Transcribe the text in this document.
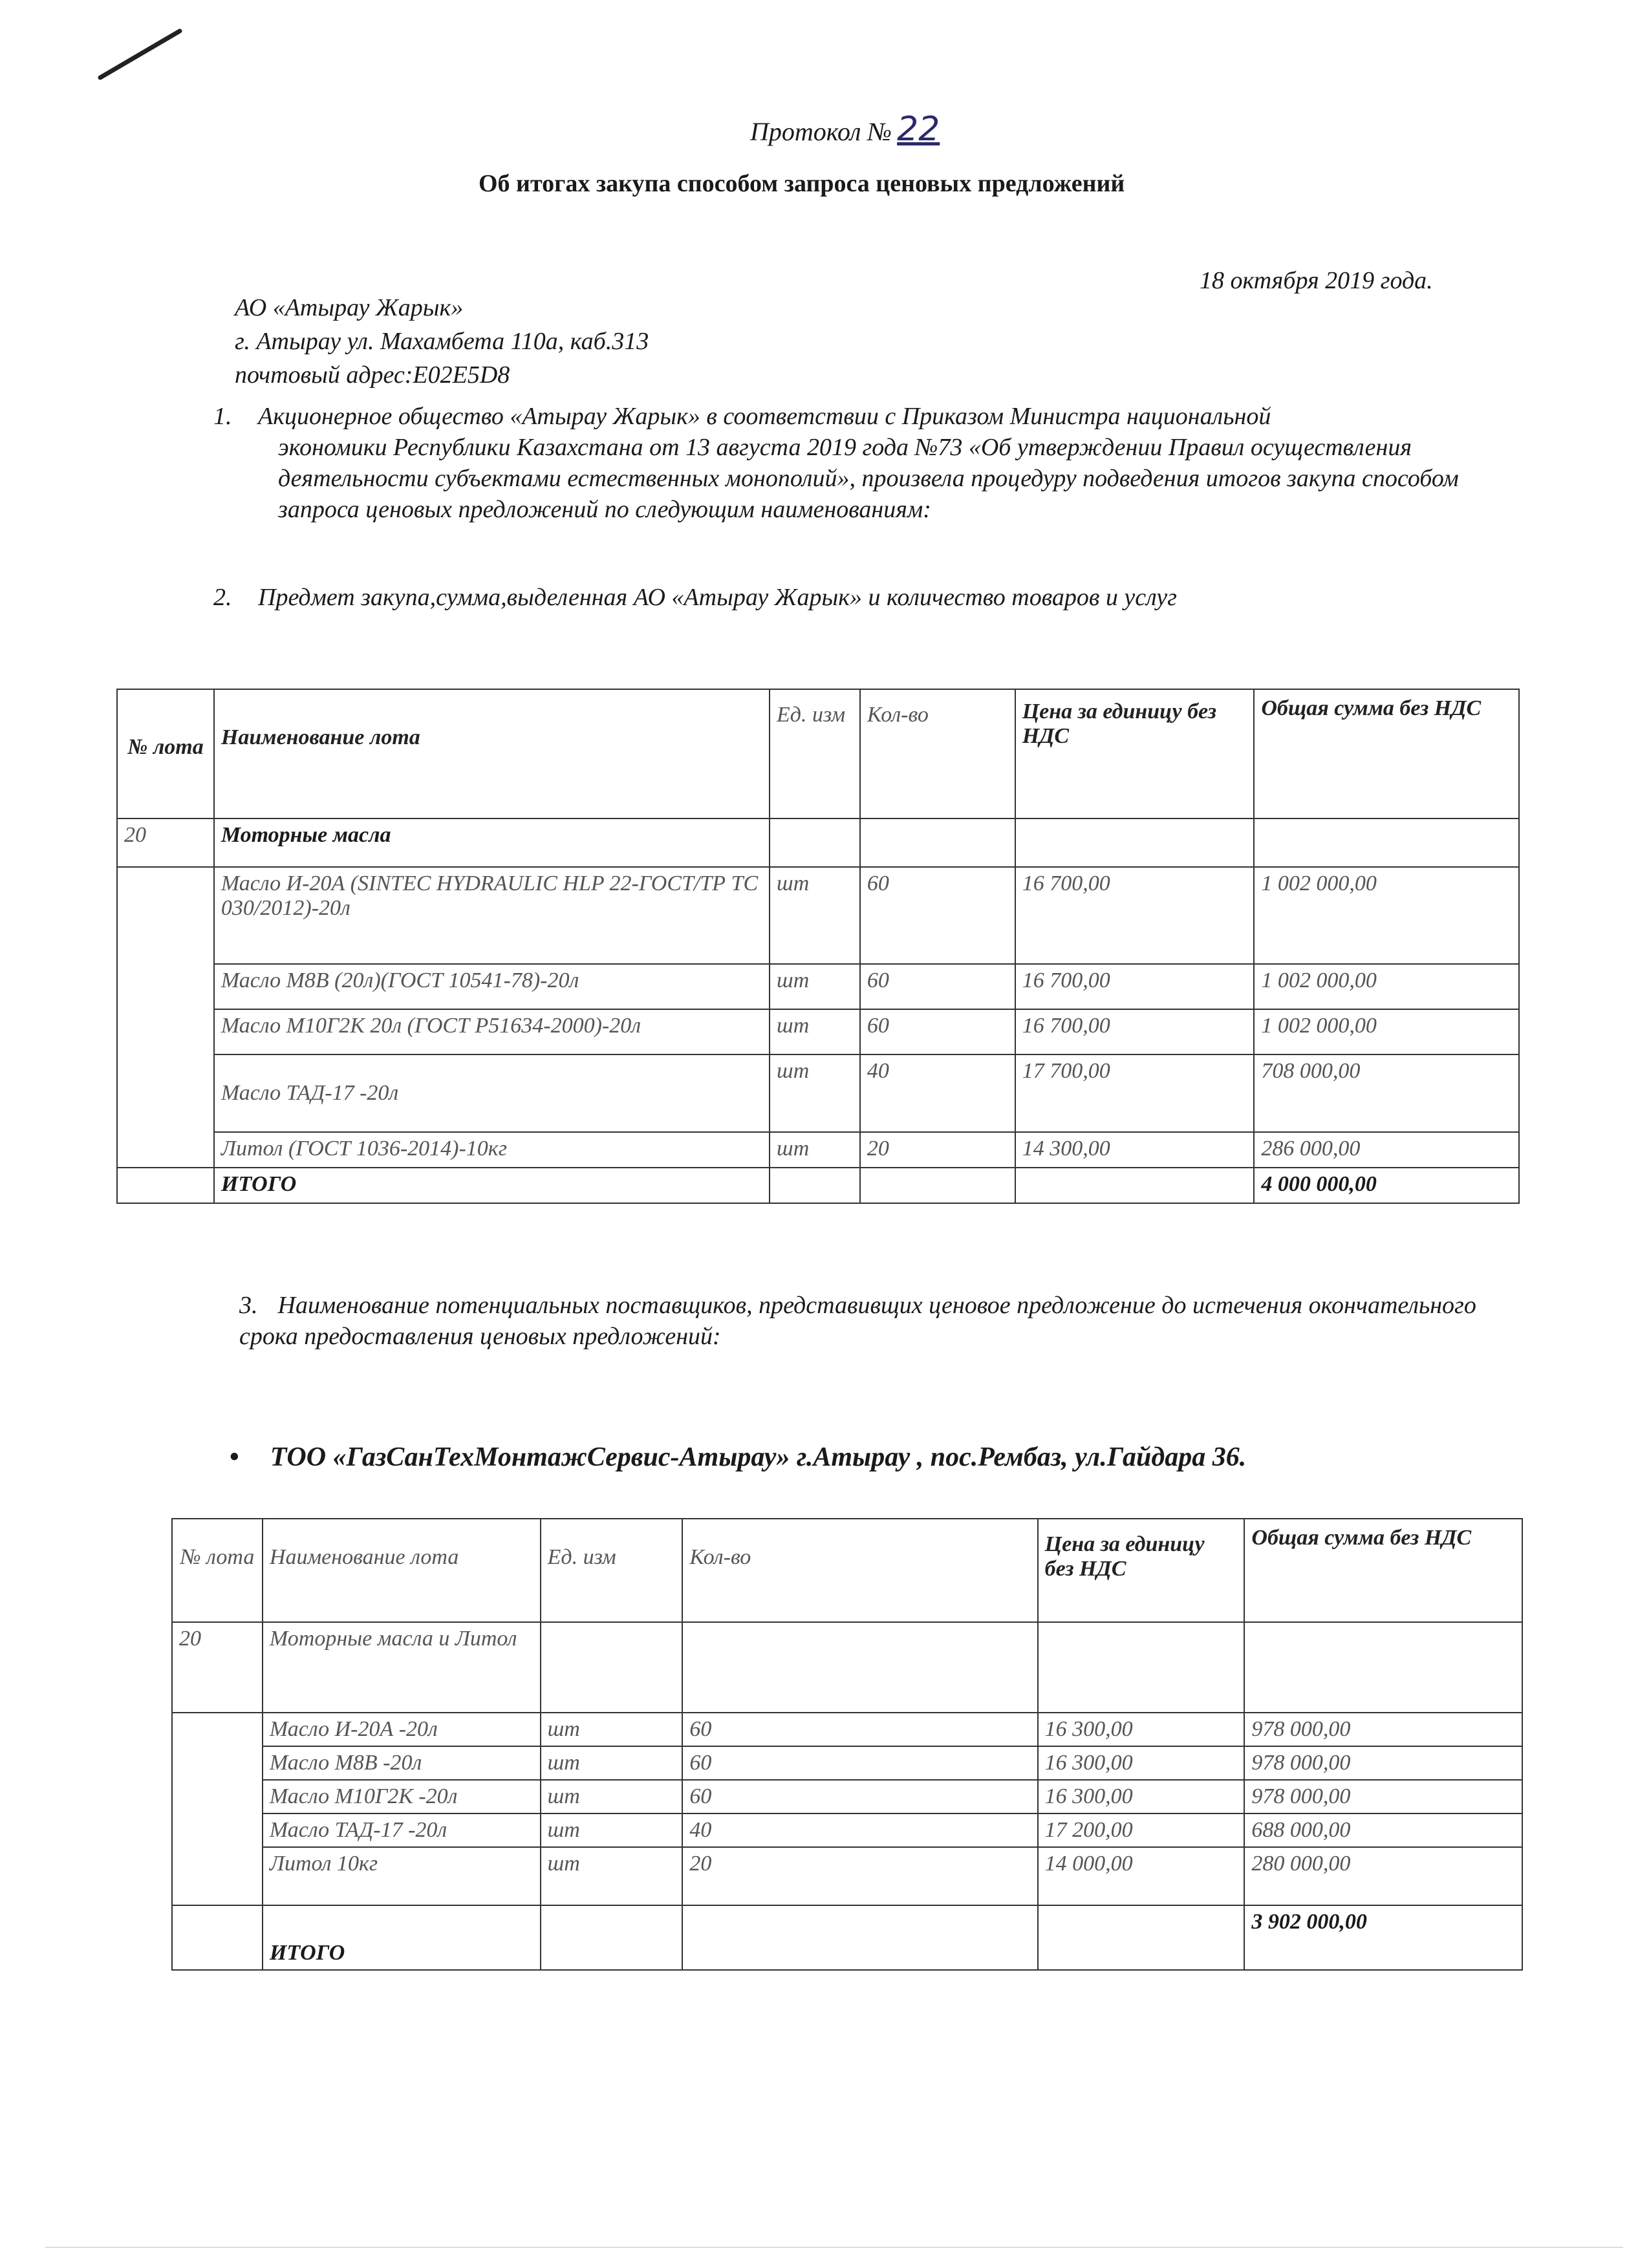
Протокол № 22
Об итогах закупа способом запроса ценовых предложений
18 октября 2019 года.
АО «Атырау Жарык»
г. Атырау ул. Махамбета 110а, каб.313
почтовый адрес:E02E5D8
1. Акционерное общество «Атырау Жарык» в соответствии с Приказом Министра национальной
экономики Республики Казахстана от 13 августа 2019 года №73 «Об утверждении Правил осуществления деятельности субъектами естественных монополий», произвела процедуру подведения итогов закупа способом запроса ценовых предложений по следующим наименованиям:
2. Предмет закупа,сумма,выделенная АО «Атырау Жарык» и количество товаров и услуг
№ лота	Наименование лота	Ед. изм	Кол-во	Цена за единицу без НДС	Общая сумма без НДС
20	Моторные масла				
	Масло И-20А (SINTEC HYDRAULIC HLP 22-ГОСТ/ТР ТС 030/2012)-20л	шт	60	16 700,00	1 002 000,00
	Масло М8В (20л)(ГОСТ 10541-78)-20л	шт	60	16 700,00	1 002 000,00
	Масло М10Г2К 20л (ГОСТ Р51634-2000)-20л	шт	60	16 700,00	1 002 000,00
	Масло ТАД-17 -20л	шт	40	17 700,00	708 000,00
	Литол (ГОСТ 1036-2014)-10кг	шт	20	14 300,00	286 000,00
	ИТОГО				4 000 000,00
3. Наименование потенциальных поставщиков, представивщих ценовое предложение до истечения окончательного срока предоставления ценовых предложений:
• ТОО «ГазСанТехМонтажСервис-Атырау» г.Атырау , пос.Рембаз, ул.Гайдара 36.
№ лота	Наименование лота	Ед. изм	Кол-во	Цена за единицу без НДС	Общая сумма без НДС
20	Моторные масла и Литол				
	Масло И-20А -20л	шт	60	16 300,00	978 000,00
	Масло М8В -20л	шт	60	16 300,00	978 000,00
	Масло М10Г2К -20л	шт	60	16 300,00	978 000,00
	Масло ТАД-17 -20л	шт	40	17 200,00	688 000,00
	Литол 10кг	шт	20	14 000,00	280 000,00
	ИТОГО				3 902 000,00
